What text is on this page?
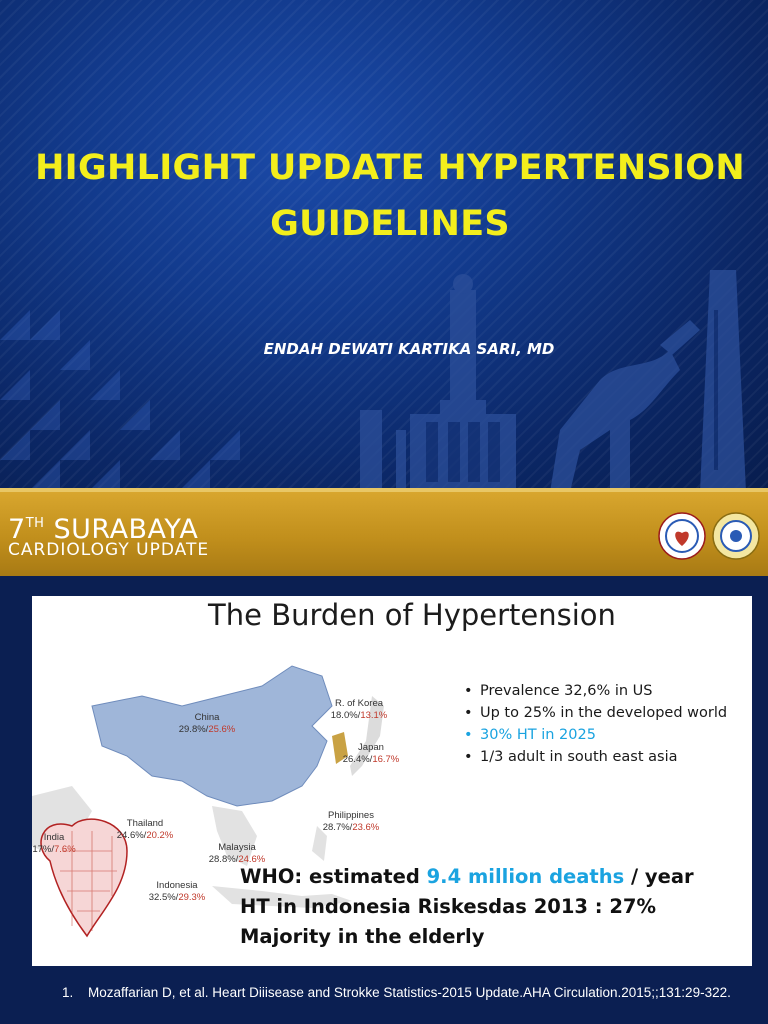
HIGHLIGHT UPDATE HYPERTENSION GUIDELINES
ENDAH DEWATI KARTIKA SARI, MD
7TH SURABAYA
CARDIOLOGY UPDATE
The Burden of Hypertension
China
29.8%/25.6%
R. of Korea
18.0%/13.1%
Japan
26.4%/16.7%
Philippines
28.7%/23.6%
Thailand
24.6%/20.2%
Malaysia
28.8%/24.6%
India
17%/7.6%
Indonesia
32.5%/29.3%
• Prevalence 32,6% in US
• Up to 25% in the developed world
• 30% HT in 2025
• 1/3 adult in south east asia
WHO: estimated 9.4 million deaths / year
HT in Indonesia Riskesdas 2013 : 27%
Majority in the elderly
1. Mozaffarian D, et al. Heart Diiisease and Strokke Statistics-2015 Update.AHA Circulation.2015;;131:29-322.
